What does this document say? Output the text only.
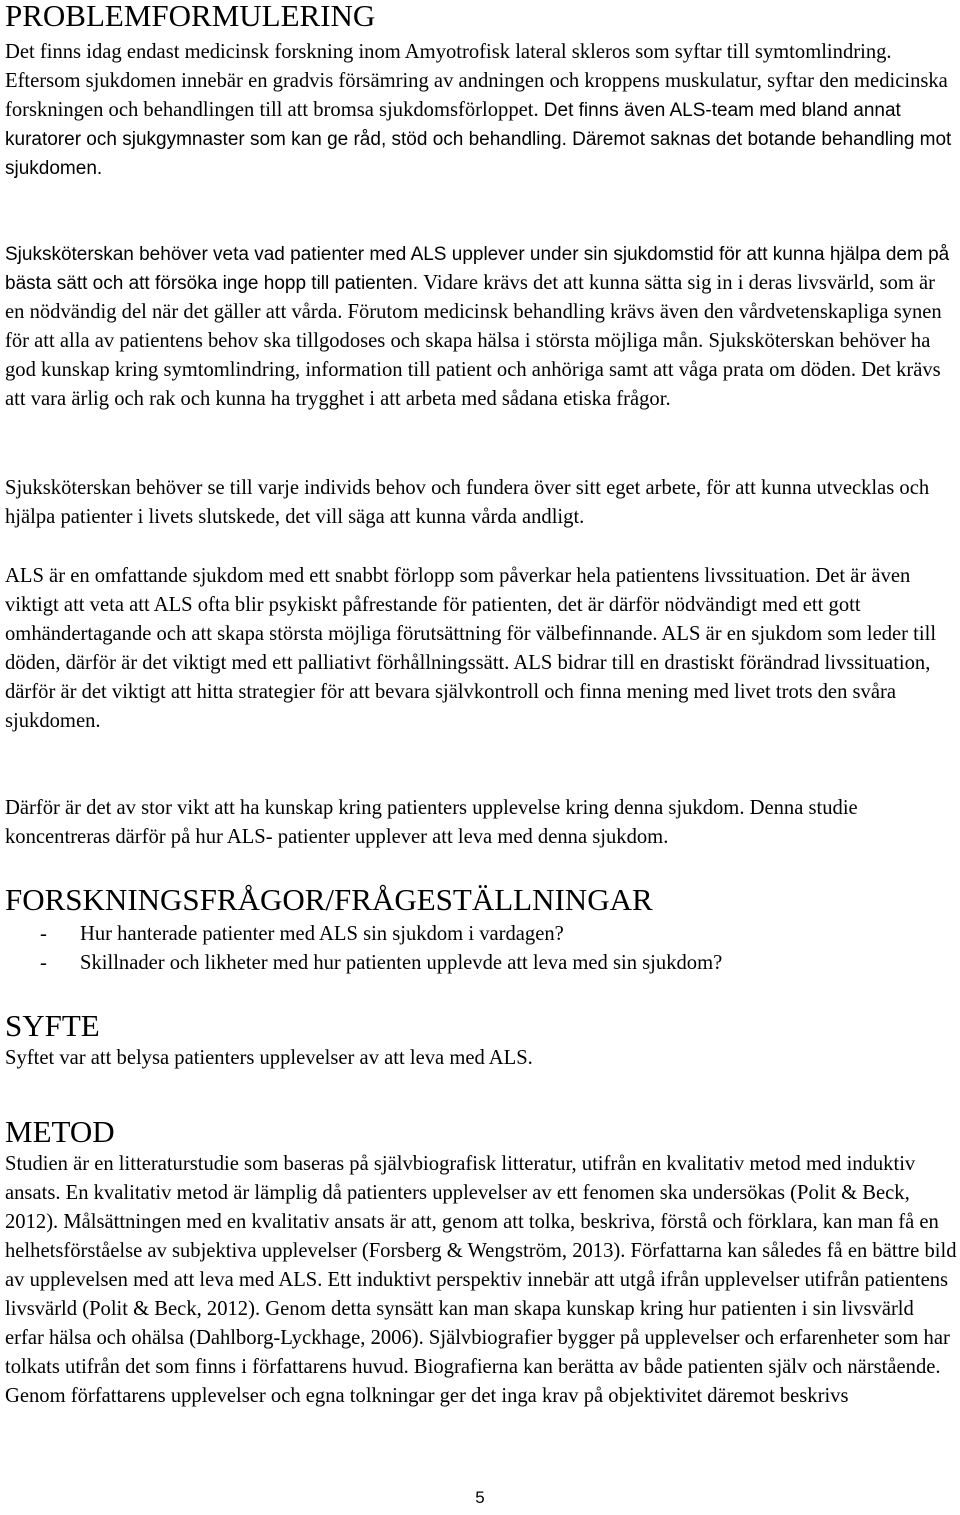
PROBLEMFORMULERING

Det finns idag endast medicinsk forskning inom Amyotrofisk lateral skleros som syftar till symtomlindring. Eftersom sjukdomen innebär en gradvis försämring av andningen och kroppens muskulatur, syftar den medicinska forskningen och behandlingen till att bromsa sjukdomsförloppet. Det finns även ALS-team med bland annat kuratorer och sjukgymnaster som kan ge råd, stöd och behandling. Däremot saknas det botande behandling mot sjukdomen.

Sjuksköterskan behöver veta vad patienter med ALS upplever under sin sjukdomstid för att kunna hjälpa dem på bästa sätt och att försöka inge hopp till patienten. Vidare krävs det att kunna sätta sig in i deras livsvärld, som är en nödvändig del när det gäller att vårda. Förutom medicinsk behandling krävs även den vårdvetenskapliga synen för att alla av patientens behov ska tillgodoses och skapa hälsa i största möjliga mån. Sjuksköterskan behöver ha god kunskap kring symtomlindring, information till patient och anhöriga samt att våga prata om döden. Det krävs att vara ärlig och rak och kunna ha trygghet i att arbeta med sådana etiska frågor.

Sjuksköterskan behöver se till varje individs behov och fundera över sitt eget arbete, för att kunna utvecklas och hjälpa patienter i livets slutskede, det vill säga att kunna vårda andligt.

ALS är en omfattande sjukdom med ett snabbt förlopp som påverkar hela patientens livssituation. Det är även viktigt att veta att ALS ofta blir psykiskt påfrestande för patienten, det är därför nödvändigt med ett gott omhändertagande och att skapa största möjliga förutsättning för välbefinnande. ALS är en sjukdom som leder till döden, därför är det viktigt med ett palliativt förhållningssätt. ALS bidrar till en drastiskt förändrad livssituation, därför är det viktigt att hitta strategier för att bevara självkontroll och finna mening med livet trots den svåra sjukdomen.

Därför är det av stor vikt att ha kunskap kring patienters upplevelse kring denna sjukdom. Denna studie koncentreras därför på hur ALS- patienter upplever att leva med denna sjukdom.

FORSKNINGSFRÅGOR/FRÅGESTÄLLNINGAR
- Hur hanterade patienter med ALS sin sjukdom i vardagen?
- Skillnader och likheter med hur patienten upplevde att leva med sin sjukdom?
SYFTE

Syftet var att belysa patienters upplevelser av att leva med ALS.

METOD

Studien är en litteraturstudie som baseras på självbiografisk litteratur, utifrån en kvalitativ metod med induktiv ansats. En kvalitativ metod är lämplig då patienters upplevelser av ett fenomen ska undersökas (Polit & Beck, 2012). Målsättningen med en kvalitativ ansats är att, genom att tolka, beskriva, förstå och förklara, kan man få en helhetsförståelse av subjektiva upplevelser (Forsberg & Wengström, 2013). Författarna kan således få en bättre bild av upplevelsen med att leva med ALS. Ett induktivt perspektiv innebär att utgå ifrån upplevelser utifrån patientens livsvärld (Polit & Beck, 2012). Genom detta synsätt kan man skapa kunskap kring hur patienten i sin livsvärld erfar hälsa och ohälsa (Dahlborg-Lyckhage, 2006). Självbiografier bygger på upplevelser och erfarenheter som har tolkats utifrån det som finns i författarens huvud. Biografierna kan berätta av både patienten själv och närstående. Genom författarens upplevelser och egna tolkningar ger det inga krav på objektivitet däremot beskrivs

5
